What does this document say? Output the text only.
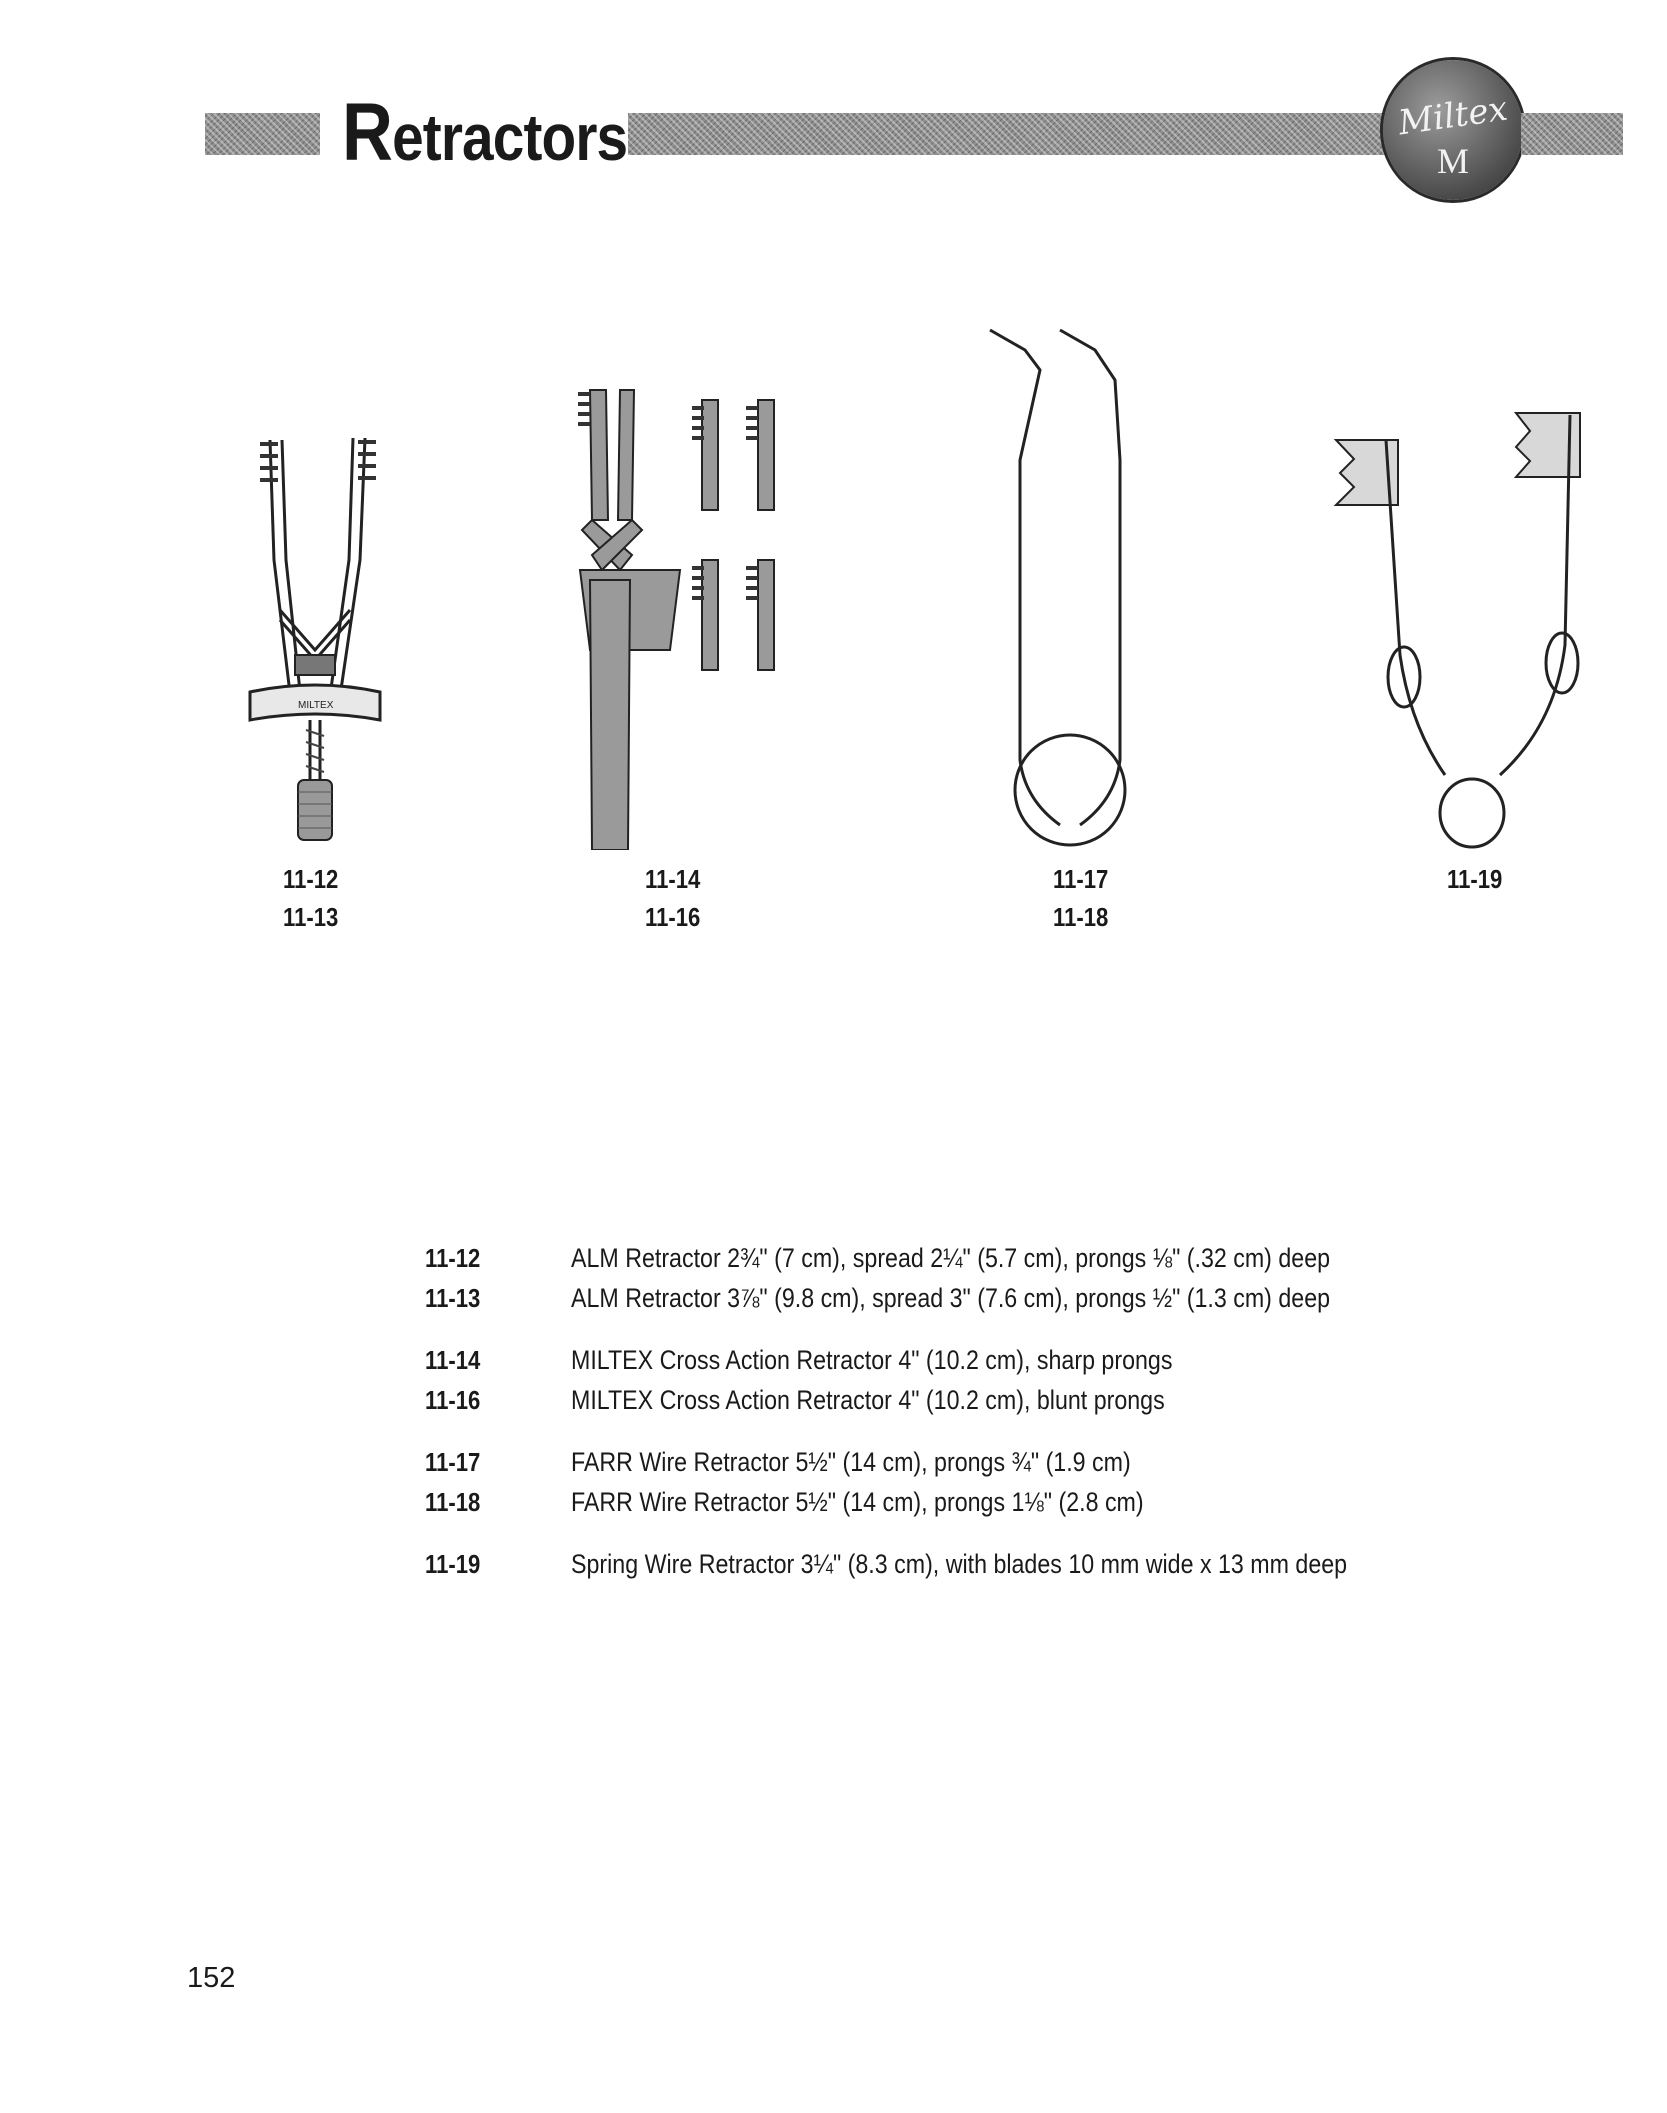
Retractors	Miltex
M
MILTEX
11-12
11-13
11-14
11-16
11-17
11-18
11-19
11-12	ALM Retractor 2¾" (7 cm), spread 2¼" (5.7 cm), prongs ⅛" (.32 cm) deep
11-13	ALM Retractor 3⅞" (9.8 cm), spread 3" (7.6 cm), prongs ½" (1.3 cm) deep
11-14	MILTEX Cross Action Retractor 4" (10.2 cm), sharp prongs
11-16	MILTEX Cross Action Retractor 4" (10.2 cm), blunt prongs
11-17	FARR Wire Retractor 5½" (14 cm), prongs ¾" (1.9 cm)
11-18	FARR Wire Retractor 5½" (14 cm), prongs 1⅛" (2.8 cm)
11-19	Spring Wire Retractor 3¼" (8.3 cm), with blades 10 mm wide x 13 mm deep
152
